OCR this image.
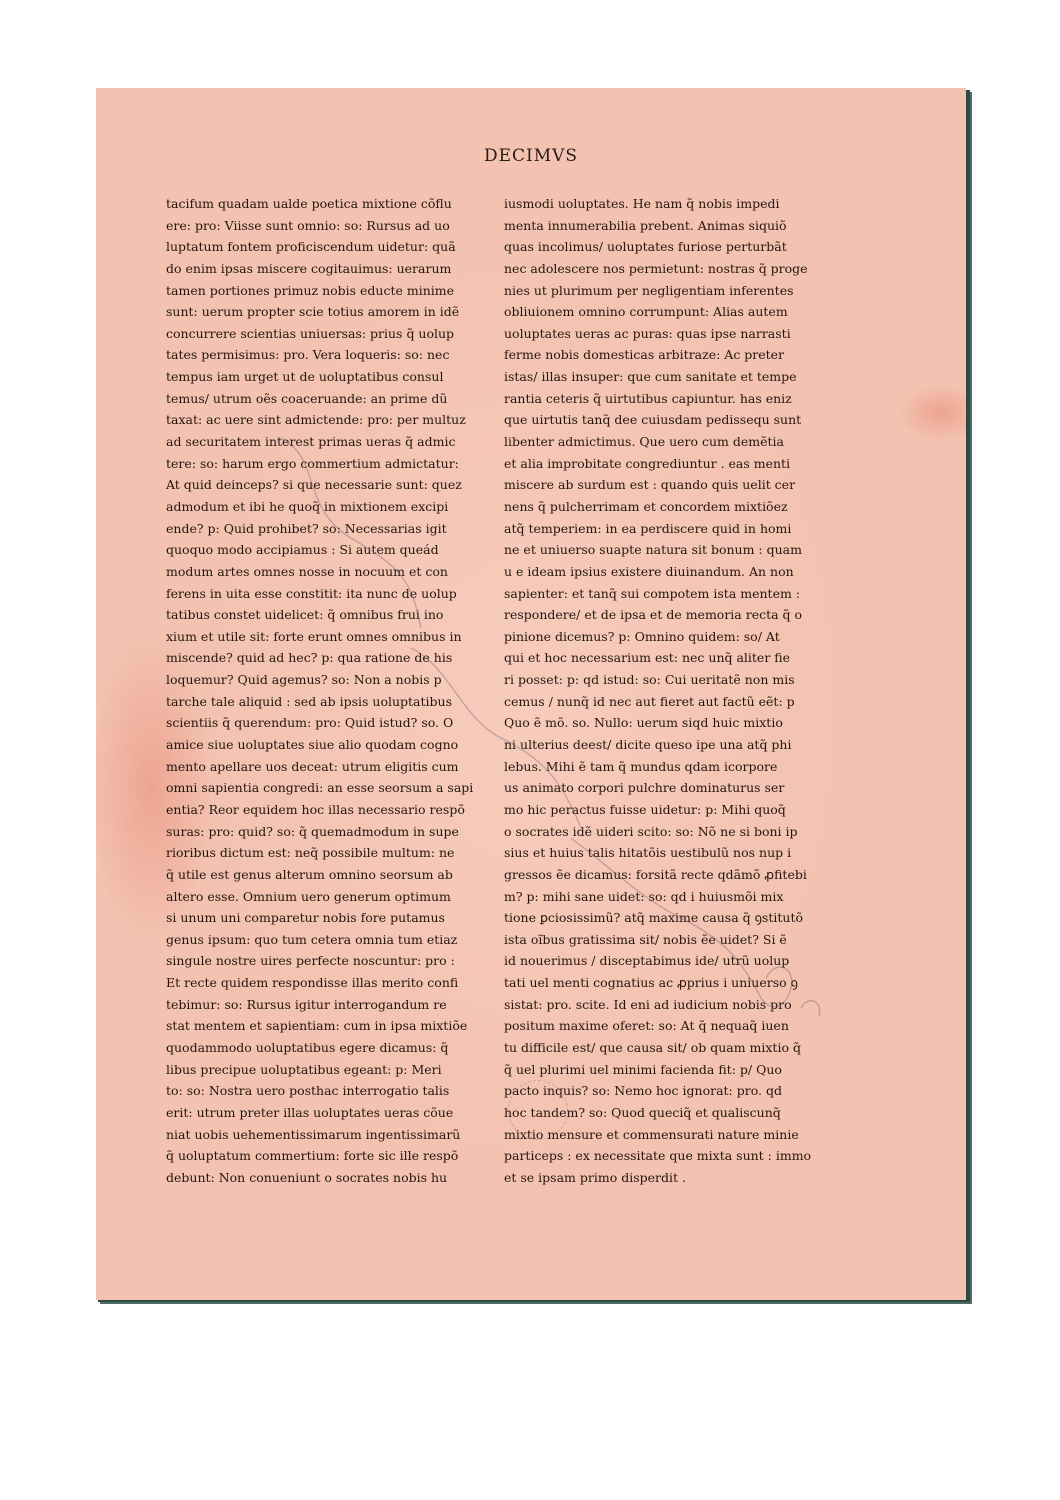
DECIMVS
tacifum quadam ualde poetica mixtione cõflu
ere: pro: Viisse sunt omnio: so: Rursus ad uo
luptatum fontem proficiscendum uidetur: quã
do enim ipsas miscere cogitauimus: uerarum
tamen portiones primuz nobis educte minime
sunt: uerum propter scie totius amorem in idẽ
concurrere scientias uniuersas: prius q̃ uolup
tates permisimus: pro. Vera loqueris: so: nec
tempus iam urget ut de uoluptatibus consul
temus/ utrum oẽs coaceruande: an prime dũ
taxat: ac uere sint admictende: pro: per multuz
ad securitatem interest primas ueras q̃ admic
tere: so: harum ergo commertium admictatur:
At quid deinceps? si que necessarie sunt: quez
admodum et ibi he quoq̃ in mixtionem excipi
ende? p: Quid prohibet? so: Necessarias igit
quoquo modo accipiamus : Si autem queád
modum artes omnes nosse in nocuum et con
ferens in uita esse constitit: ita nunc de uolup
tatibus constet uidelicet: q̃ omnibus frui ino
xium et utile sit: forte erunt omnes omnibus in
miscende? quid ad hec? p: qua ratione de his
loquemur? Quid agemus? so: Non a nobis p
tarche tale aliquid : sed ab ipsis uoluptatibus
scientiis q̃ querendum: pro: Quid istud? so. O
amice siue uoluptates siue alio quodam cogno
mento apellare uos deceat: utrum eligitis cum
omni sapientia congredi: an esse seorsum a sapi
entia? Reor equidem hoc illas necessario respõ
suras: pro: quid? so: q̃ quemadmodum in supe
rioribus dictum est: neq̃ possibile multum: ne
q̃ utile est genus alterum omnino seorsum ab
altero esse. Omnium uero generum optimum
si unum uni comparetur nobis fore putamus
genus ipsum: quo tum cetera omnia tum etiaz
singule nostre uires perfecte noscuntur: pro :
Et recte quidem respondisse illas merito confi
tebimur: so: Rursus igitur interrogandum re
stat mentem et sapientiam: cum in ipsa mixtiõe
quodammodo uoluptatibus egere dicamus: q̃
libus precipue uoluptatibus egeant: p: Meri
to: so: Nostra uero posthac interrogatio talis
erit: utrum preter illas uoluptates ueras cõue
niat uobis uehementissimarum ingentissimarũ
q̃ uoluptatum commertium: forte sic ille respõ
debunt: Non conueniunt o socrates nobis hu
iusmodi uoluptates. He nam q̃ nobis impedi
menta innumerabilia prebent. Animas siquiõ
quas incolimus/ uoluptates furiose perturbãt
nec adolescere nos permietunt: nostras q̃ proge
nies ut plurimum per negligentiam inferentes
obliuionem omnino corrumpunt: Alias autem
uoluptates ueras ac puras: quas ipse narrasti
ferme nobis domesticas arbitraze: Ac preter
istas/ illas insuper: que cum sanitate et tempe
rantia ceteris q̃ uirtutibus capiuntur. has eniz
que uirtutis tanq̃ dee cuiusdam pedissequ sunt
libenter admictimus. Que uero cum demẽtia
et alia improbitate congrediuntur . eas menti
miscere ab surdum est : quando quis uelit cer
nens q̃ pulcherrimam et concordem mixtiõez
atq̃ temperiem: in ea perdiscere quid in homi
ne et uniuerso suapte natura sit bonum : quam
u e ideam ipsius existere diuinandum. An non
sapienter: et tanq̃ sui compotem ista mentem :
respondere/ et de ipsa et de memoria recta q̃ o
pinione dicemus? p: Omnino quidem: so/ At
qui et hoc necessarium est: nec unq̃ aliter fie
ri posset: p: qd istud: so: Cui ueritatẽ non mis
cemus / nunq̃ id nec aut fieret aut factũ eẽt: p
Quo ẽ mõ. so. Nullo: uerum siqd huic mixtio
ni ulterius deest/ dicite queso ipe una atq̃ phi
lebus. Mihi ẽ tam q̃ mundus qdam icorpore
us animato corpori pulchre dominaturus ser
mo hic peractus fuisse uidetur: p: Mihi quoq̃
o socrates idẽ uideri scito: so: Nõ ne si boni ip
sius et huius talis hitatõis uestibulũ nos nup i
gressos ẽe dicamus: forsitã recte qdãmõ ꝓfitebi
m? p: mihi sane uidet: so: qd i huiusmõi mix
tione ꝑciosissimũ? atq̃ maxime causa q̃ ꝯstitutõ
ista oĩbus gratissima sit/ nobis ẽe uidet? Si ẽ
id nouerimus / disceptabimus ide/ utrũ uolup
tati uel menti cognatius ac ꝓprius i uniuerso ꝯ
sistat: pro. scite. Id eni ad iudicium nobis pro
positum maxime oferet: so: At q̃ nequaq̃ iuen
tu difficile est/ que causa sit/ ob quam mixtio q̃
q̃ uel plurimi uel minimi facienda fit: p/ Quo
pacto inquis? so: Nemo hoc ignorat: pro. qd
hoc tandem? so: Quod queciq̃ et qualiscunq̃
mixtio mensure et commensurati nature minie
particeps : ex necessitate que mixta sunt : immo
et se ipsam primo disperdit .
